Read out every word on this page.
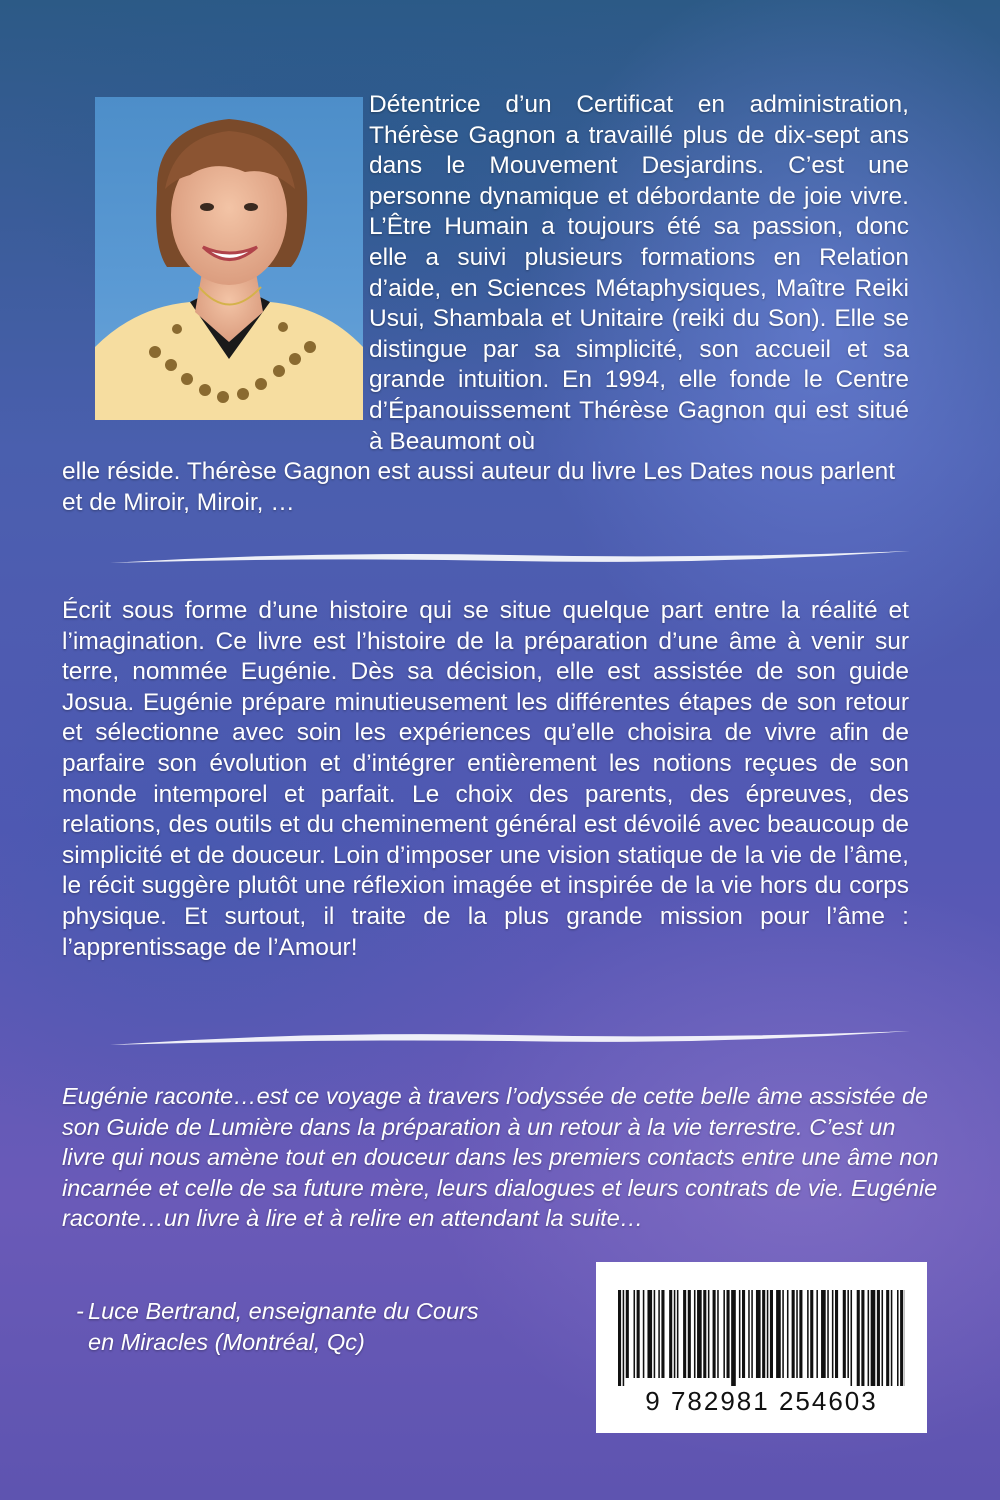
Détentrice d’un Certificat en administration, Thérèse Gagnon a travaillé plus de dix-sept ans dans le Mouvement Desjardins. C’est une personne dynamique et débordante de joie vivre. L’Être Humain a toujours été sa passion, donc elle a suivi plusieurs formations en Relation d’aide, en Sciences Métaphysiques, Maître Reiki Usui, Shambala et Unitaire (reiki du Son). Elle se distingue par sa simplicité, son accueil et sa grande intuition. En 1994, elle fonde le Centre d’Épanouissement Thérèse Gagnon qui est situé à Beaumont où

elle réside. Thérèse Gagnon est aussi auteur du livre Les Dates nous parlent et de Miroir, Miroir, …

Écrit sous forme d’une histoire qui se situe quelque part entre la réalité et l’imagination. Ce livre est l’histoire de la préparation d’une âme à venir sur terre, nommée Eugénie. Dès sa décision, elle est assistée de son guide Josua. Eugénie prépare minutieusement les différentes étapes de son retour et sélectionne avec soin les expériences qu’elle choisira de vivre afin de parfaire son évolution et d’intégrer entièrement les notions reçues de son monde intemporel et parfait. Le choix des parents, des épreuves, des relations, des outils et du cheminement général est dévoilé avec beaucoup de simplicité et de douceur. Loin d’imposer une vision statique de la vie de l’âme, le récit suggère plutôt une réflexion imagée et inspirée de la vie hors du corps physique. Et surtout, il traite de la plus grande mission pour l’âme : l’apprentissage de l’Amour!

Eugénie raconte…est ce voyage à travers l’odyssée de cette belle âme assistée de son Guide de Lumière dans la préparation à un retour à la vie terrestre. C’est un livre qui nous amène tout en douceur dans les premiers contacts entre une âme non incarnée et celle de sa future mère, leurs dialogues et leurs contrats de vie. Eugénie raconte…un livre à lire et à relire en attendant la suite…

- Luce Bertrand, enseignante du Cours
en Miracles (Montréal, Qc)
9 782981 254603
